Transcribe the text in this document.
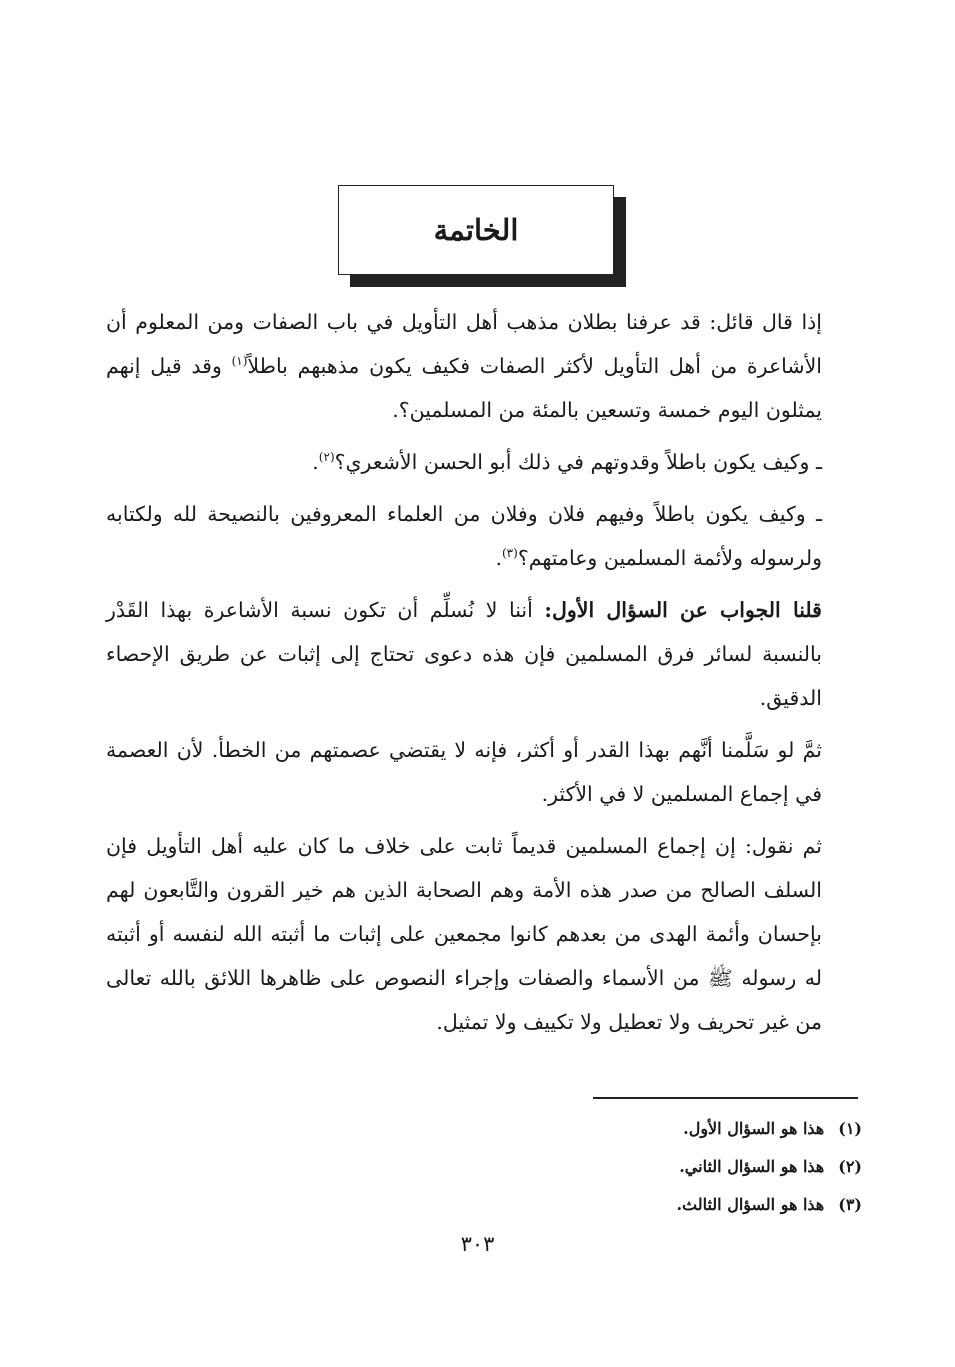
الخاتمة

إذا قال قائل: قد عرفنا بطلان مذهب أهل التأويل في باب الصفات ومن المعلوم أن الأشاعرة من أهل التأويل لأكثر الصفات فكيف يكون مذهبهم باطلاً$^{(١)}$ وقد قيل إنهم يمثلون اليوم خمسة وتسعين بالمئة من المسلمين؟.

ـ وكيف يكون باطلاً وقدوتهم في ذلك أبو الحسن الأشعري؟$^{(٢)}$.

ـ وكيف يكون باطلاً وفيهم فلان وفلان من العلماء المعروفين بالنصيحة لله ولكتابه ولرسوله ولأئمة المسلمين وعامتهم؟$^{(٣)}$.

قلنا الجواب عن السؤال الأول: أننا لا نُسلِّم أن تكون نسبة الأشاعرة بهذا القَدْر بالنسبة لسائر فرق المسلمين فإن هذه دعوى تحتاج إلى إثبات عن طريق الإحصاء الدقيق.

ثمَّ لو سَلَّمنا أنَّهم بهذا القدر أو أكثر، فإنه لا يقتضي عصمتهم من الخطأ. لأن العصمة في إجماع المسلمين لا في الأكثر.

ثم نقول: إن إجماع المسلمين قديماً ثابت على خلاف ما كان عليه أهل التأويل فإن السلف الصالح من صدر هذه الأمة وهم الصحابة الذين هم خير القرون والتَّابعون لهم بإحسان وأئمة الهدى من بعدهم كانوا مجمعين على إثبات ما أثبته الله لنفسه أو أثبته له رسوله ﷺ من الأسماء والصفات وإجراء النصوص على ظاهرها اللائق بالله تعالى من غير تحريف ولا تعطيل ولا تكييف ولا تمثيل.

(١)
هذا هو السؤال الأول.
(٢)
هذا هو السؤال الثاني.
(٣)
هذا هو السؤال الثالث.
٣٠٣
